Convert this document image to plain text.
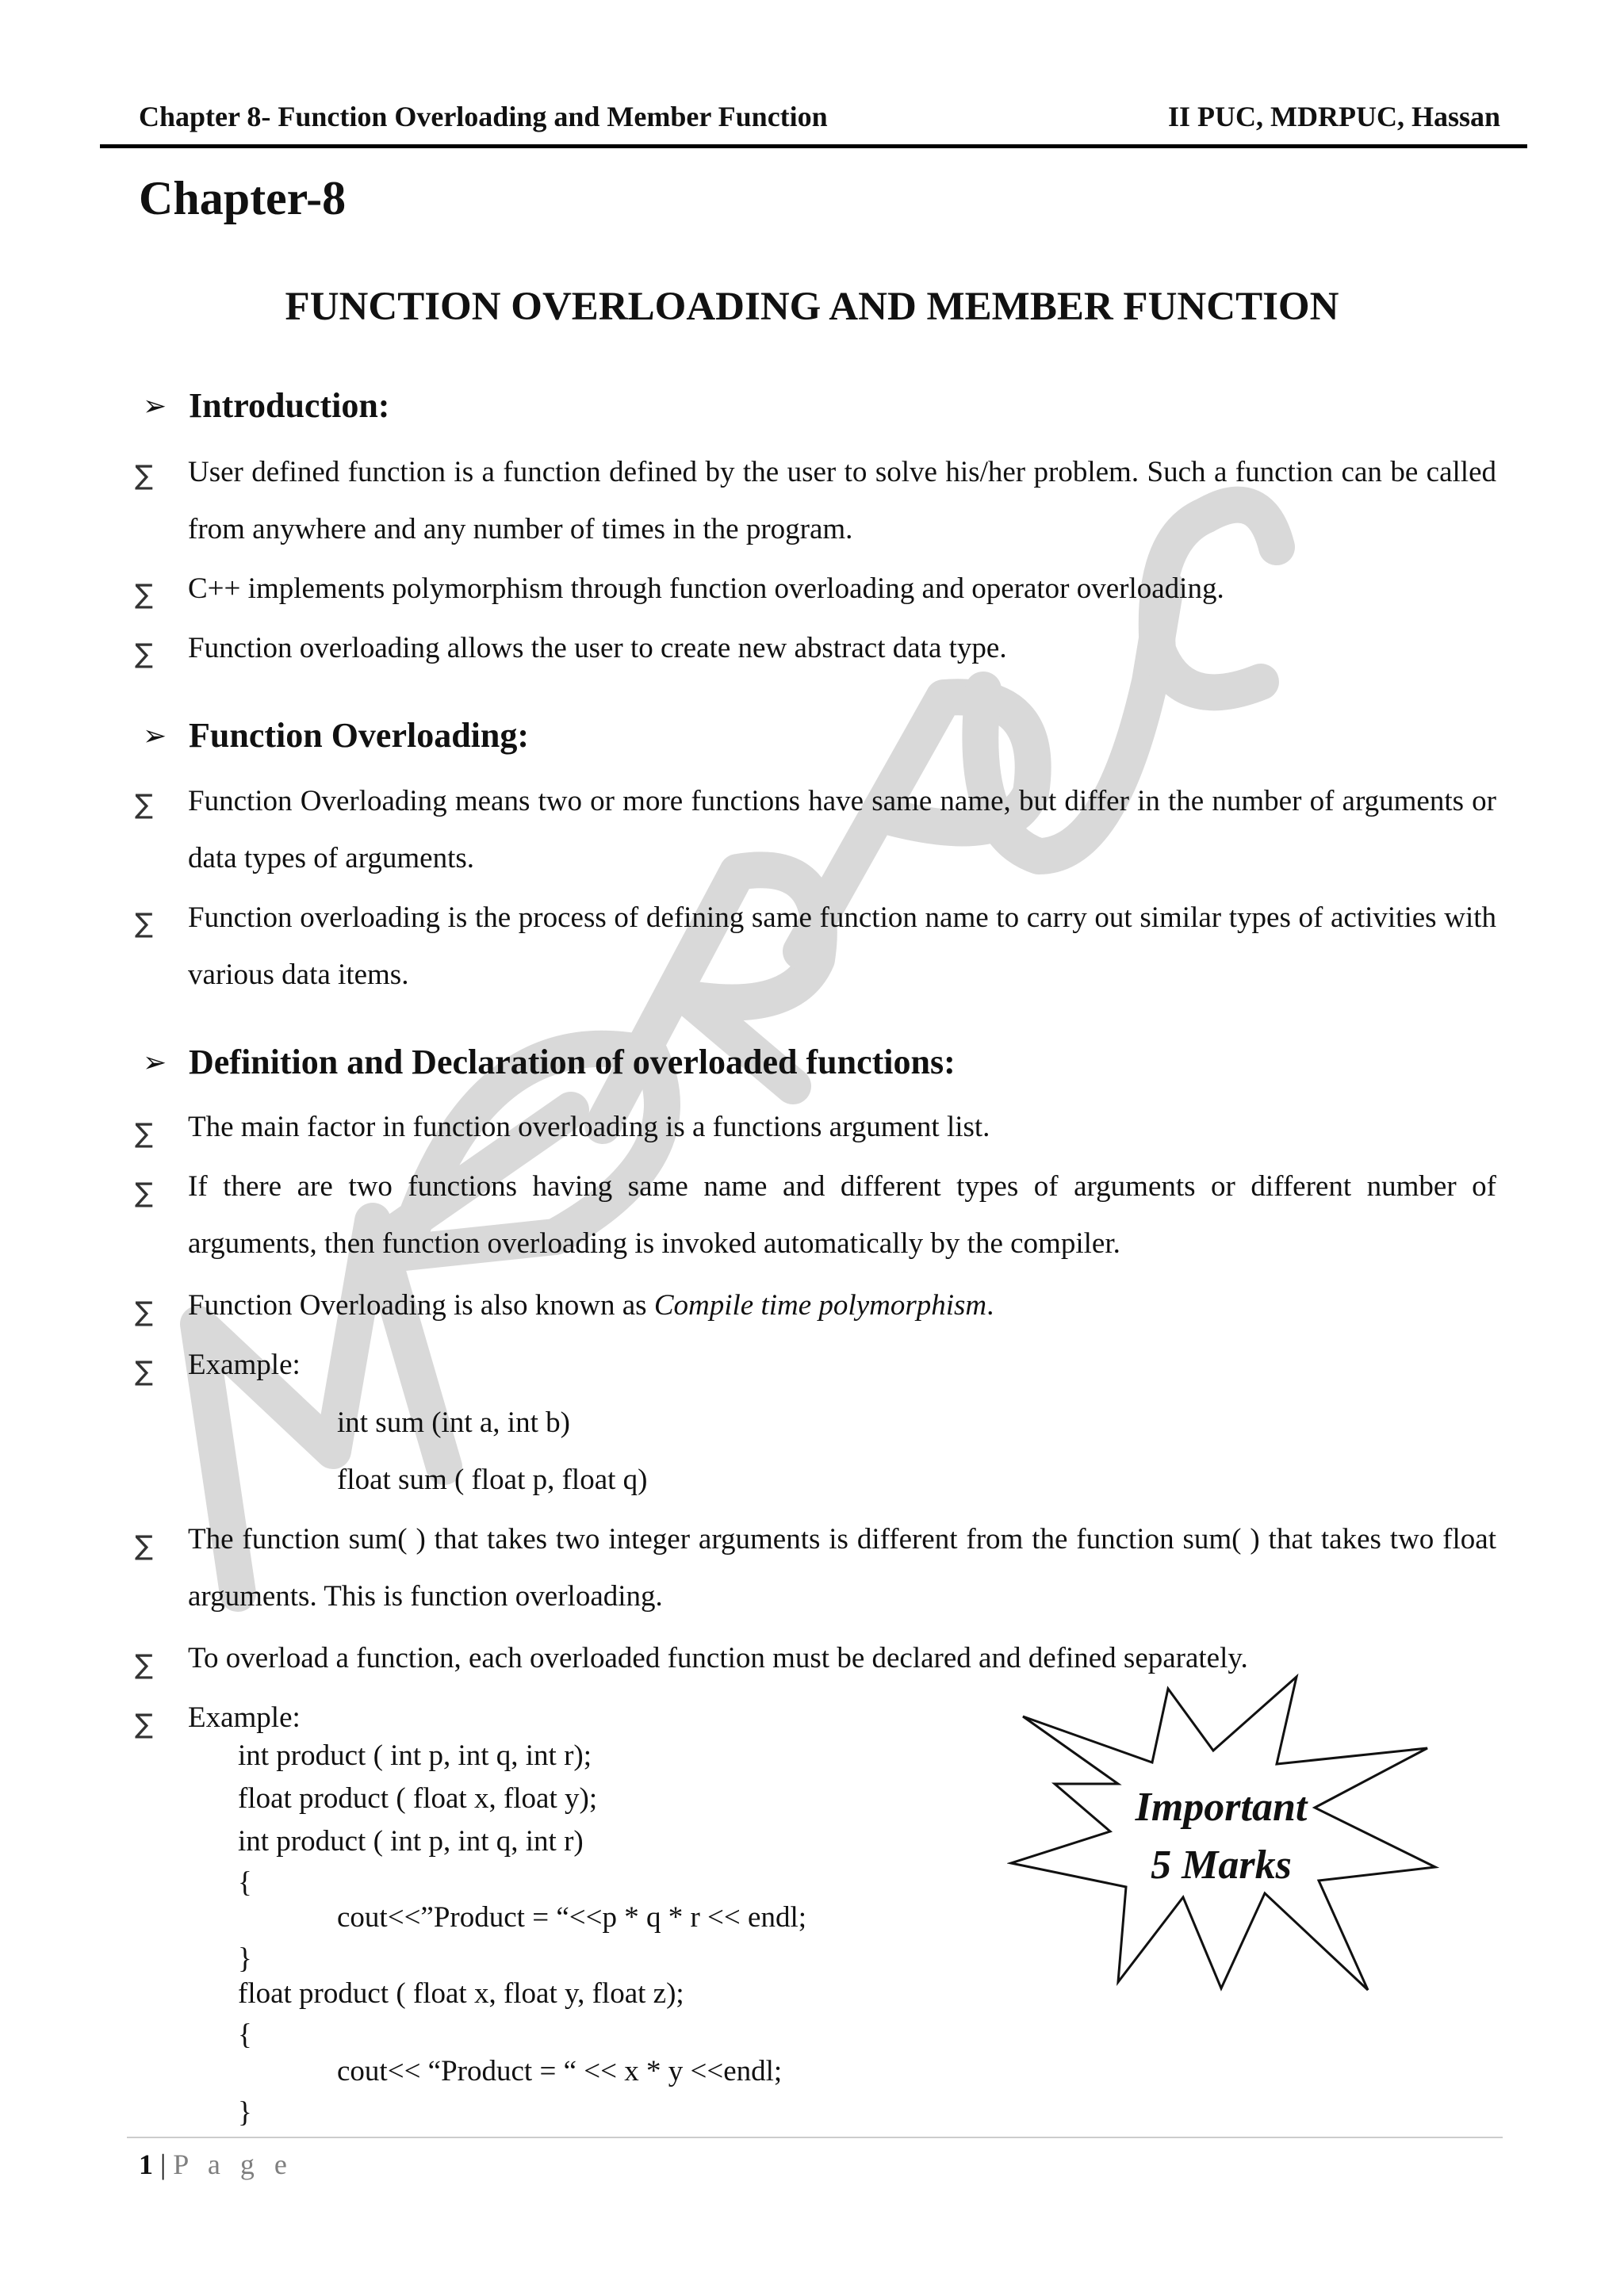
Chapter 8- Function Overloading and Member Function	II PUC, MDRPUC, Hassan
Chapter-8
FUNCTION OVERLOADING AND MEMBER FUNCTION
➢ Introduction:
∑ User defined function is a function defined by the user to solve his/her problem. Such a function can be called from anywhere and any number of times in the program.
∑ C++ implements polymorphism through function overloading and operator overloading.
∑ Function overloading allows the user to create new abstract data type.
➢ Function Overloading:
∑ Function Overloading means two or more functions have same name, but differ in the number of arguments or data types of arguments.
∑ Function overloading is the process of defining same function name to carry out similar types of activities with various data items.
➢ Definition and Declaration of overloaded functions:
∑ The main factor in function overloading is a functions argument list.
∑ If there are two functions having same name and different types of arguments or different number of arguments, then function overloading is invoked automatically by the compiler.
∑ Function Overloading is also known as Compile time polymorphism.
∑ Example:
int sum (int a, int b)
float sum ( float p, float q)
∑ The function sum( ) that takes two integer arguments is different from the function sum( ) that takes two float arguments. This is function overloading.
∑ To overload a function, each overloaded function must be declared and defined separately.
∑ Example:
int product ( int p, int q, int r);
float product ( float x, float y);
int product ( int p, int q, int r)
{
cout<<”Product = “<<p * q * r << endl;
}
float product ( float x, float y, float z);
{
cout<< “Product = “ << x * y <<endl;
}
Important
5 Marks
1 | P a g e
